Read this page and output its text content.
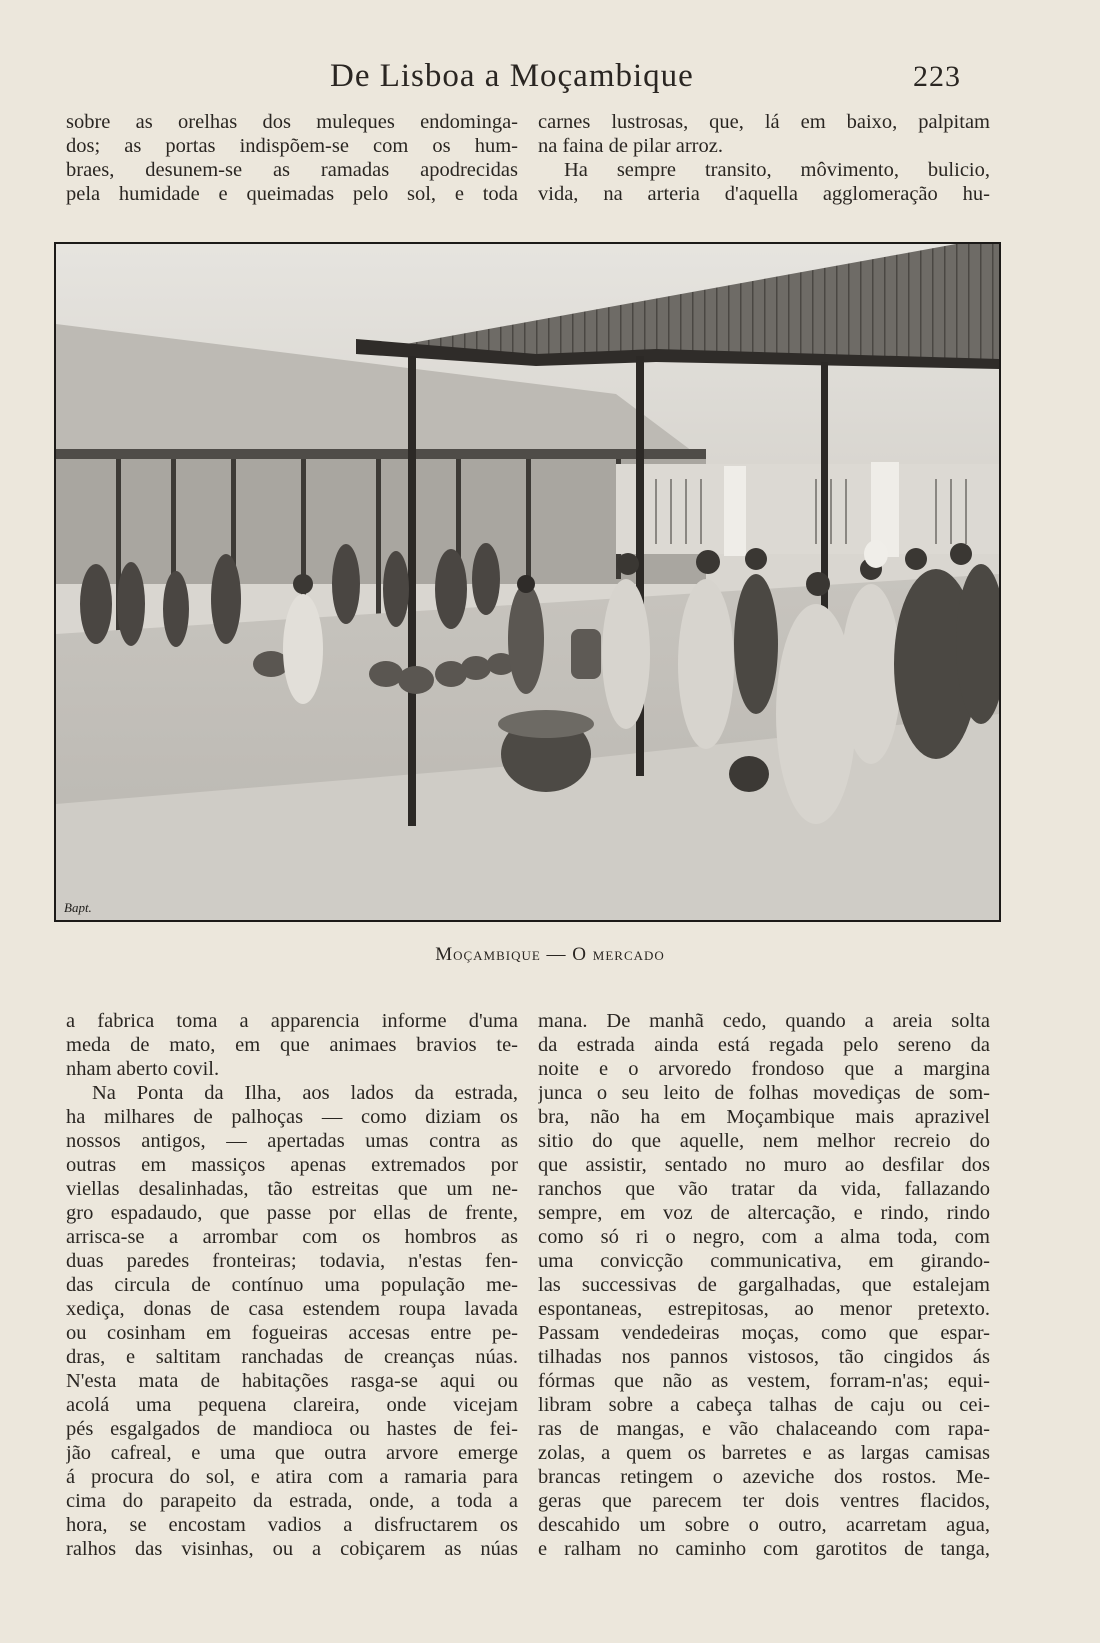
De Lisboa a Moçambique	223
sobre as orelhas dos muleques endominga-
dos; as portas indispõem-se com os hum-
braes, desunem-se as ramadas apodrecidas
pela humidade e queimadas pelo sol, e toda
carnes lustrosas, que, lá em baixo, palpitam
na faina de pilar arroz.
Ha sempre transito, môvimento, bulicio,
vida, na arteria d'aquella agglomeração hu-
Bapt.
Moçambique — O mercado
a fabrica toma a apparencia informe d'uma
meda de mato, em que animaes bravios te-
nham aberto covil.
Na Ponta da Ilha, aos lados da estrada,
ha milhares de palhoças — como diziam os
nossos antigos, — apertadas umas contra as
outras em massiços apenas extremados por
viellas desalinhadas, tão estreitas que um ne-
gro espadaudo, que passe por ellas de frente,
arrisca-se a arrombar com os hombros as
duas paredes fronteiras; todavia, n'estas fen-
das circula de contínuo uma população me-
xediça, donas de casa estendem roupa lavada
ou cosinham em fogueiras accesas entre pe-
dras, e saltitam ranchadas de creanças núas.
N'esta mata de habitações rasga-se aqui ou
acolá uma pequena clareira, onde vicejam
pés esgalgados de mandioca ou hastes de fei-
jão cafreal, e uma que outra arvore emerge
á procura do sol, e atira com a ramaria para
cima do parapeito da estrada, onde, a toda a
hora, se encostam vadios a disfructarem os
ralhos das visinhas, ou a cobiçarem as núas
mana. De manhã cedo, quando a areia solta
da estrada ainda está regada pelo sereno da
noite e o arvoredo frondoso que a margina
junca o seu leito de folhas movediças de som-
bra, não ha em Moçambique mais aprazivel
sitio do que aquelle, nem melhor recreio do
que assistir, sentado no muro ao desfilar dos
ranchos que vão tratar da vida, fallazando
sempre, em voz de altercação, e rindo, rindo
como só ri o negro, com a alma toda, com
uma convicção communicativa, em girando-
las successivas de gargalhadas, que estalejam
espontaneas, estrepitosas, ao menor pretexto.
Passam vendedeiras moças, como que espar-
tilhadas nos pannos vistosos, tão cingidos ás
fórmas que não as vestem, forram-n'as; equi-
libram sobre a cabeça talhas de caju ou cei-
ras de mangas, e vão chalaceando com rapa-
zolas, a quem os barretes e as largas camisas
brancas retingem o azeviche dos rostos. Me-
geras que parecem ter dois ventres flacidos,
descahido um sobre o outro, acarretam agua,
e ralham no caminho com garotitos de tanga,
